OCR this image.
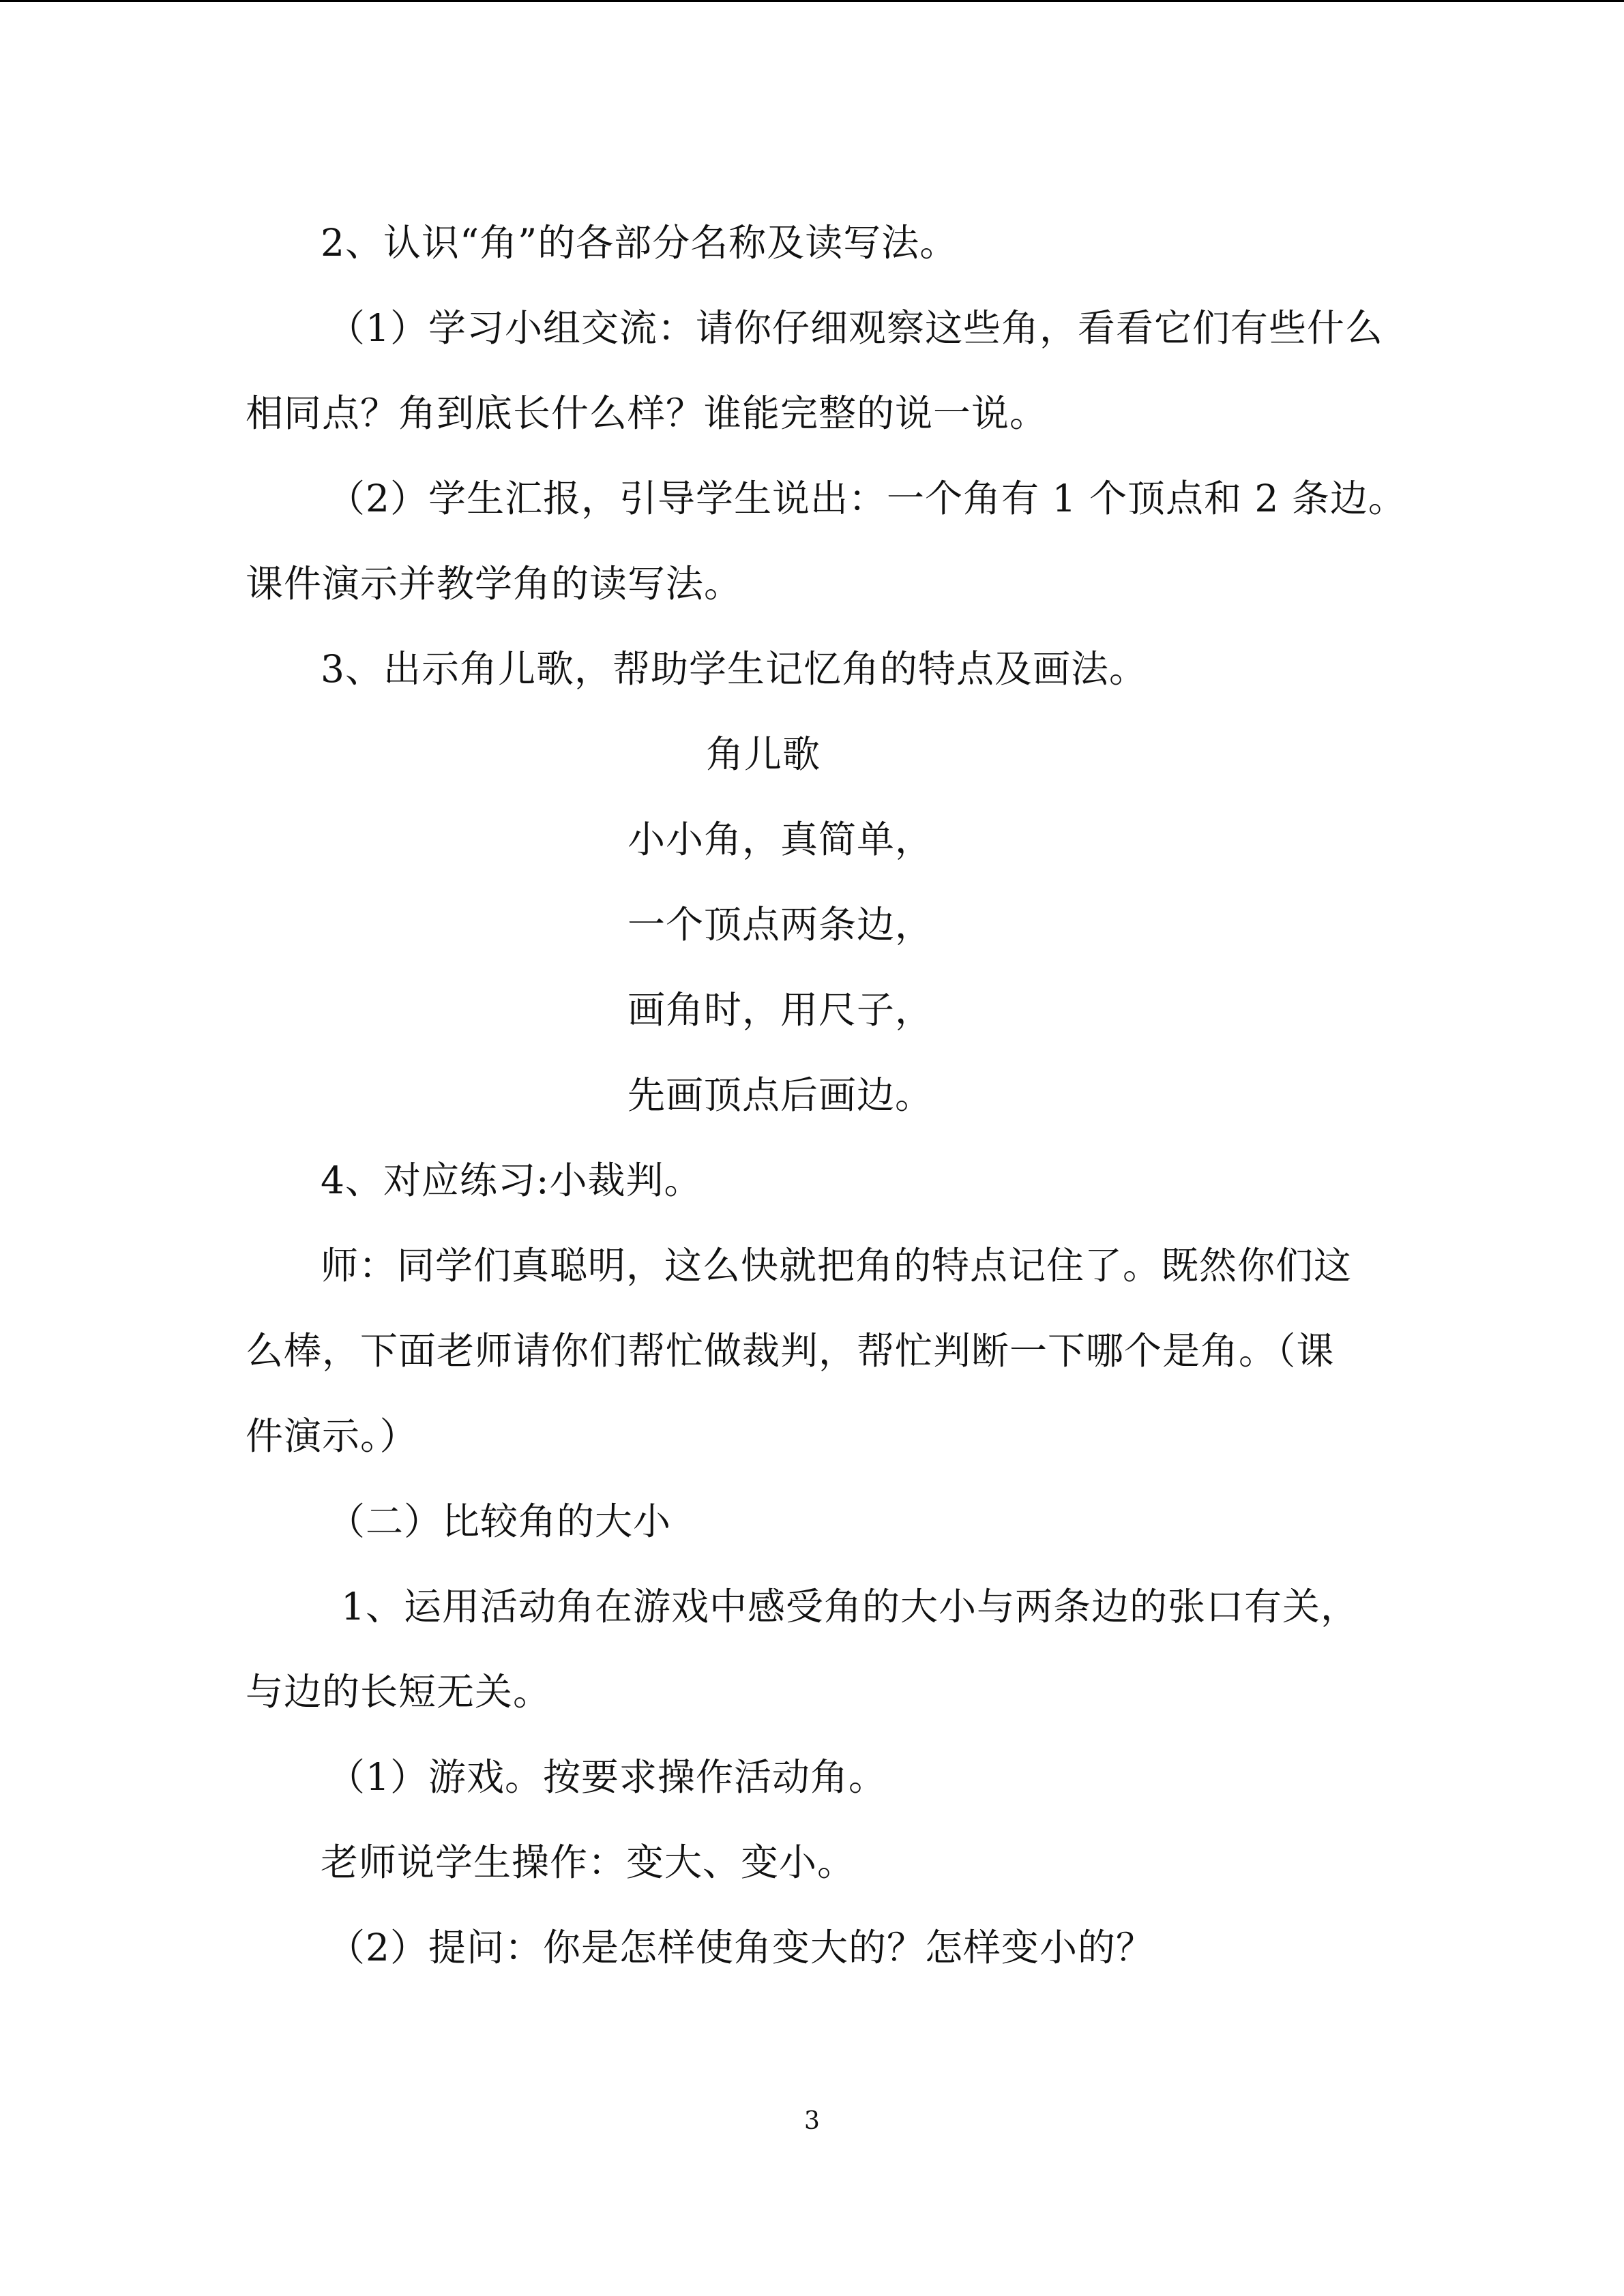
2、认识“角”的各部分名称及读写法。
（1）学习小组交流：请你仔细观察这些角，看看它们有些什么
相同点？角到底长什么样？谁能完整的说一说。
（2）学生汇报，引导学生说出：一个角有 1 个顶点和 2 条边。
课件演示并教学角的读写法。
3、出示角儿歌，帮助学生记忆角的特点及画法。
角儿歌
小小角，真简单，
一个顶点两条边，
画角时，用尺子，
先画顶点后画边。
4、对应练习:小裁判。
师：同学们真聪明，这么快就把角的特点记住了。既然你们这
么棒，下面老师请你们帮忙做裁判，帮忙判断一下哪个是角。（课
件演示。）
（二）比较角的大小
1、运用活动角在游戏中感受角的大小与两条边的张口有关，
与边的长短无关。
（1）游戏。按要求操作活动角。
老师说学生操作：变大、变小。
（2）提问：你是怎样使角变大的？怎样变小的？
3
